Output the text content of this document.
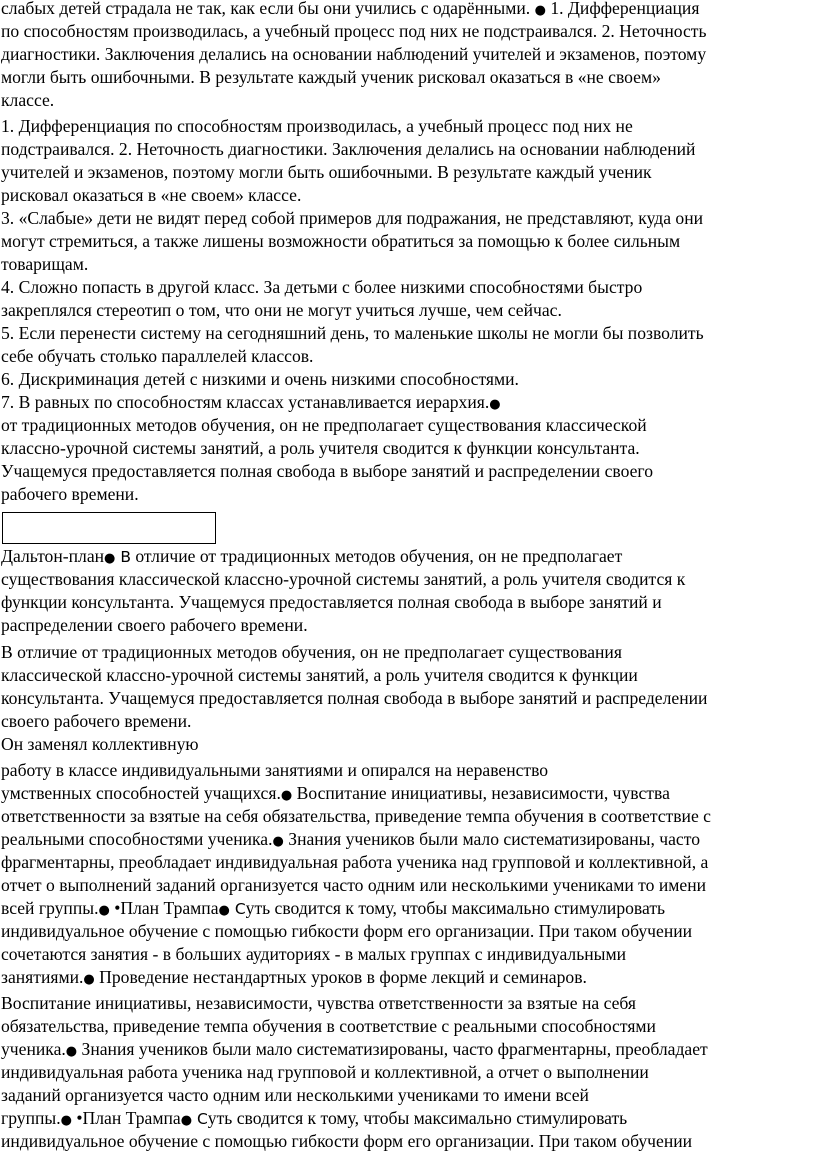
слабых детей страдала не так, как если бы они учились с одарёнными. ● 1. Дифференциация
по способностям производилась, а учебный процесс под них не подстраивался. 2. Неточность
диагностики. Заключения делались на основании наблюдений учителей и экзаменов, поэтому
могли быть ошибочными. В результате каждый ученик рисковал оказаться в «не своем»
классе.
1. Дифференциация по способностям производилась, а учебный процесс под них не
подстраивался. 2. Неточность диагностики. Заключения делались на основании наблюдений
учителей и экзаменов, поэтому могли быть ошибочными. В результате каждый ученик
рисковал оказаться в «не своем» классе.
3. «Слабые» дети не видят перед собой примеров для подражания, не представляют, куда они
могут стремиться, а также лишены возможности обратиться за помощью к более сильным
товарищам.
4. Сложно попасть в другой класс. За детьми с более низкими способностями быстро
закреплялся стереотип о том, что они не могут учиться лучше, чем сейчас.
5. Если перенести систему на сегодняшний день, то маленькие школы не могли бы позволить
себе обучать столько параллелей классов.
6. Дискриминация детей с низкими и очень низкими способностями.
7. В равных по способностям классах устанавливается иерархия.●
от традиционных методов обучения, он не предполагает существования классической
классно-урочной системы занятий, а роль учителя сводится к функции консультанта.
Учащемуся предоставляется полная свобода в выборе занятий и распределении своего
рабочего времени.
Дальтон-план● В отличие от традиционных методов обучения, он не предполагает
существования классической классно-урочной системы занятий, а роль учителя сводится к
функции консультанта. Учащемуся предоставляется полная свобода в выборе занятий и
распределении своего рабочего времени.
В отличие от традиционных методов обучения, он не предполагает существования
классической классно-урочной системы занятий, а роль учителя сводится к функции
консультанта. Учащемуся предоставляется полная свобода в выборе занятий и распределении
своего рабочего времени.
Он заменял коллективную
работу в классе индивидуальными занятиями и опирался на неравенство
умственных способностей учащихся.● Воспитание инициативы, независимости, чувства
ответственности за взятые на себя обязательства, приведение темпа обучения в соответствие с
реальными способностями ученика.● Знания учеников были мало систематизированы, часто
фрагментарны, преобладает индивидуальная работа ученика над групповой и коллективной, а
отчет о выполнений заданий организуется часто одним или несколькими учениками то имени
всей группы.● •План Трампа● Суть сводится к тому, чтобы максимально стимулировать
индивидуальное обучение с помощью гибкости форм его организации. При таком обучении
сочетаются занятия - в больших аудиториях - в малых группах с индивидуальными
занятиями.● Проведение нестандартных уроков в форме лекций и семинаров.
Воспитание инициативы, независимости, чувства ответственности за взятые на себя
обязательства, приведение темпа обучения в соответствие с реальными способностями
ученика.● Знания учеников были мало систематизированы, часто фрагментарны, преобладает
индивидуальная работа ученика над групповой и коллективной, а отчет о выполнении
заданий организуется часто одним или несколькими учениками то имени всей
группы.● •План Трампа● Суть сводится к тому, чтобы максимально стимулировать
индивидуальное обучение с помощью гибкости форм его организации. При таком обучении
